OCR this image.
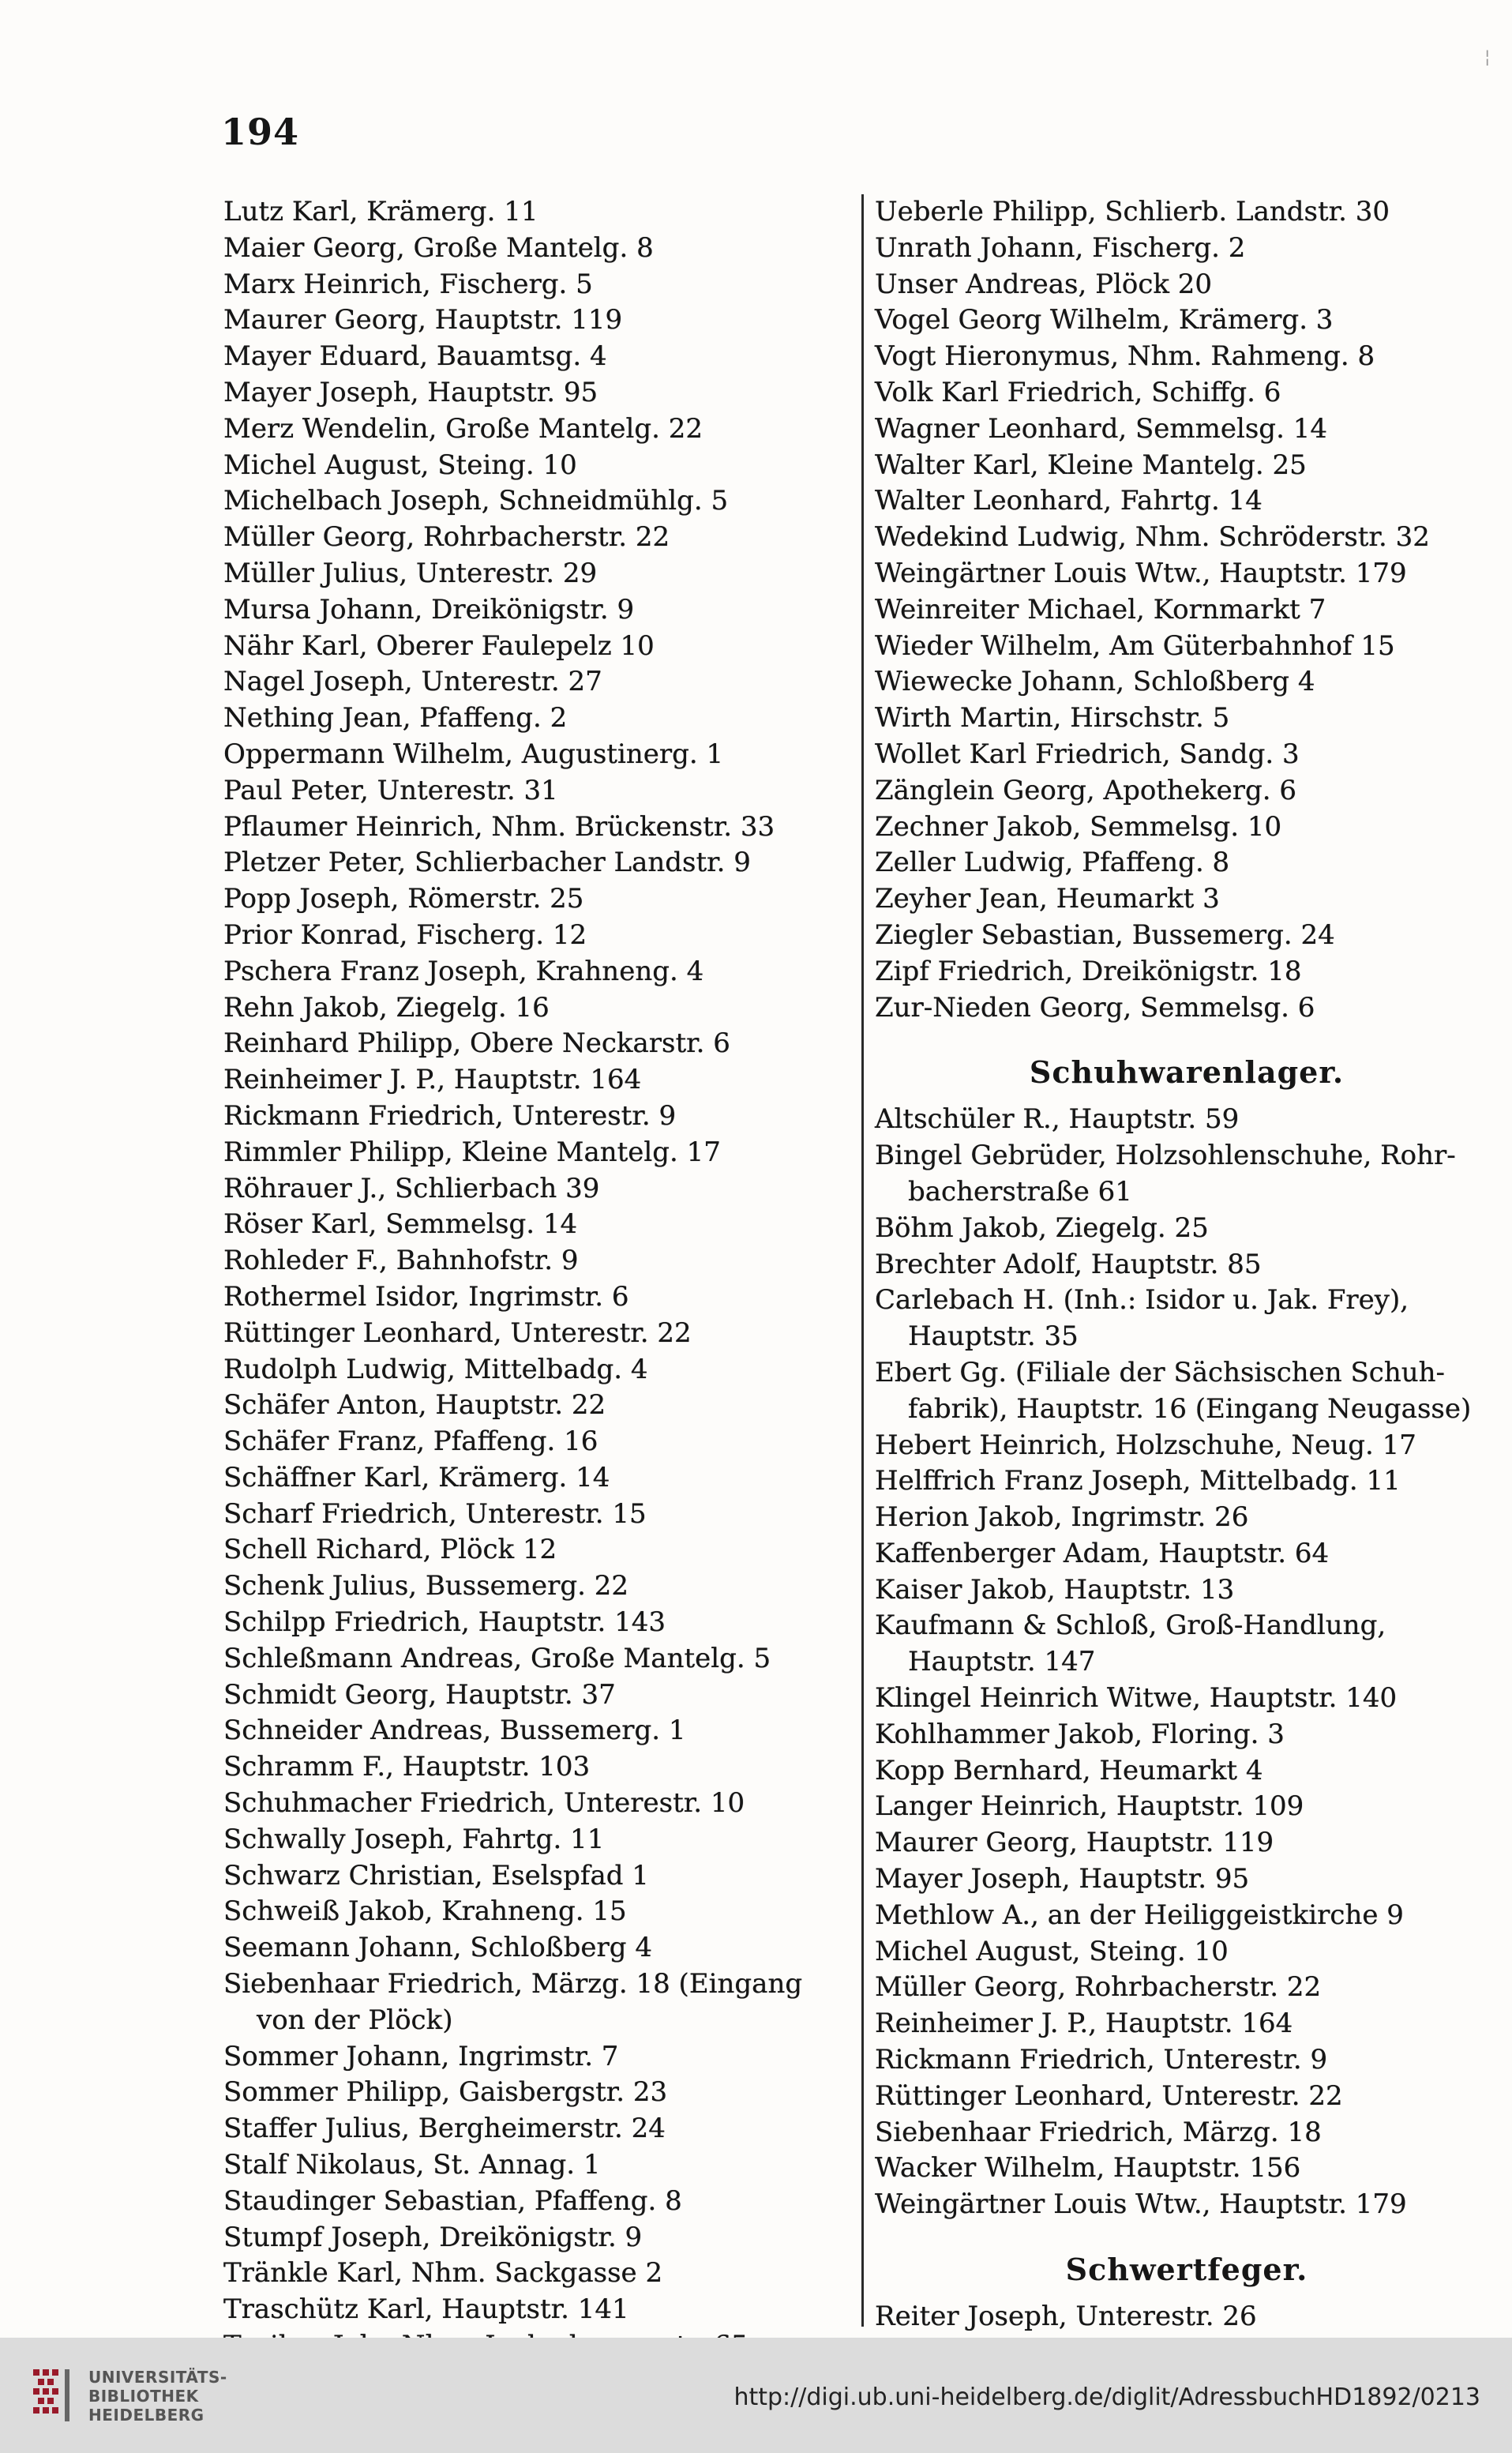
194
Lutz Karl, Krämerg. 11
Maier Georg, Große Mantelg. 8
Marx Heinrich, Fischerg. 5
Maurer Georg, Hauptstr. 119
Mayer Eduard, Bauamtsg. 4
Mayer Joseph, Hauptstr. 95
Merz Wendelin, Große Mantelg. 22
Michel August, Steing. 10
Michelbach Joseph, Schneidmühlg. 5
Müller Georg, Rohrbacherstr. 22
Müller Julius, Unterestr. 29
Mursa Johann, Dreikönigstr. 9
Nähr Karl, Oberer Faulepelz 10
Nagel Joseph, Unterestr. 27
Nething Jean, Pfaffeng. 2
Oppermann Wilhelm, Augustinerg. 1
Paul Peter, Unterestr. 31
Pflaumer Heinrich, Nhm. Brückenstr. 33
Pletzer Peter, Schlierbacher Landstr. 9
Popp Joseph, Römerstr. 25
Prior Konrad, Fischerg. 12
Pschera Franz Joseph, Krahneng. 4
Rehn Jakob, Ziegelg. 16
Reinhard Philipp, Obere Neckarstr. 6
Reinheimer J. P., Hauptstr. 164
Rickmann Friedrich, Unterestr. 9
Rimmler Philipp, Kleine Mantelg. 17
Röhrauer J., Schlierbach 39
Röser Karl, Semmelsg. 14
Rohleder F., Bahnhofstr. 9
Rothermel Isidor, Ingrimstr. 6
Rüttinger Leonhard, Unterestr. 22
Rudolph Ludwig, Mittelbadg. 4
Schäfer Anton, Hauptstr. 22
Schäfer Franz, Pfaffeng. 16
Schäffner Karl, Krämerg. 14
Scharf Friedrich, Unterestr. 15
Schell Richard, Plöck 12
Schenk Julius, Bussemerg. 22
Schilpp Friedrich, Hauptstr. 143
Schleßmann Andreas, Große Mantelg. 5
Schmidt Georg, Hauptstr. 37
Schneider Andreas, Bussemerg. 1
Schramm F., Hauptstr. 103
Schuhmacher Friedrich, Unterestr. 10
Schwally Joseph, Fahrtg. 11
Schwarz Christian, Eselspfad 1
Schweiß Jakob, Krahneng. 15
Seemann Johann, Schloßberg 4
Siebenhaar Friedrich, Märzg. 18 (Eingang
von der Plöck)
Sommer Johann, Ingrimstr. 7
Sommer Philipp, Gaisbergstr. 23
Staffer Julius, Bergheimerstr. 24
Stalf Nikolaus, St. Annag. 1
Staudinger Sebastian, Pfaffeng. 8
Stumpf Joseph, Dreikönigstr. 9
Tränkle Karl, Nhm. Sackgasse 2
Traschütz Karl, Hauptstr. 141
Ueberle Philipp, Schlierb. Landstr. 30
Unrath Johann, Fischerg. 2
Unser Andreas, Plöck 20
Vogel Georg Wilhelm, Krämerg. 3
Vogt Hieronymus, Nhm. Rahmeng. 8
Volk Karl Friedrich, Schiffg. 6
Wagner Leonhard, Semmelsg. 14
Walter Karl, Kleine Mantelg. 25
Walter Leonhard, Fahrtg. 14
Wedekind Ludwig, Nhm. Schröderstr. 32
Weingärtner Louis Wtw., Hauptstr. 179
Weinreiter Michael, Kornmarkt 7
Wieder Wilhelm, Am Güterbahnhof 15
Wiewecke Johann, Schloßberg 4
Wirth Martin, Hirschstr. 5
Wollet Karl Friedrich, Sandg. 3
Zänglein Georg, Apothekerg. 6
Zechner Jakob, Semmelsg. 10
Zeller Ludwig, Pfaffeng. 8
Zeyher Jean, Heumarkt 3
Ziegler Sebastian, Bussemerg. 24
Zipf Friedrich, Dreikönigstr. 18
Zur-Nieden Georg, Semmelsg. 6
Schuhwarenlager.
Altschüler R., Hauptstr. 59
Bingel Gebrüder, Holzsohlenschuhe, Rohr-
bacherstraße 61
Böhm Jakob, Ziegelg. 25
Brechter Adolf, Hauptstr. 85
Carlebach H. (Inh.: Isidor u. Jak. Frey),
Hauptstr. 35
Ebert Gg. (Filiale der Sächsischen Schuh-
fabrik), Hauptstr. 16 (Eingang Neugasse)
Hebert Heinrich, Holzschuhe, Neug. 17
Helffrich Franz Joseph, Mittelbadg. 11
Herion Jakob, Ingrimstr. 26
Kaffenberger Adam, Hauptstr. 64
Kaiser Jakob, Hauptstr. 13
Kaufmann & Schloß, Groß-Handlung,
Hauptstr. 147
Klingel Heinrich Witwe, Hauptstr. 140
Kohlhammer Jakob, Floring. 3
Kopp Bernhard, Heumarkt 4
Langer Heinrich, Hauptstr. 109
Maurer Georg, Hauptstr. 119
Mayer Joseph, Hauptstr. 95
Methlow A., an der Heiliggeistkirche 9
Michel August, Steing. 10
Müller Georg, Rohrbacherstr. 22
Reinheimer J. P., Hauptstr. 164
Rickmann Friedrich, Unterestr. 9
Rüttinger Leonhard, Unterestr. 22
Siebenhaar Friedrich, Märzg. 18
Wacker Wilhelm, Hauptstr. 156
Weingärtner Louis Wtw., Hauptstr. 179
Schwertfeger.
Reiter Joseph, Unterestr. 26
¦
UNIVERSITÄTS-
BIBLIOTHEK
HEIDELBERG
http://digi.ub.uni-heidelberg.de/diglit/AdressbuchHD1892/0213
